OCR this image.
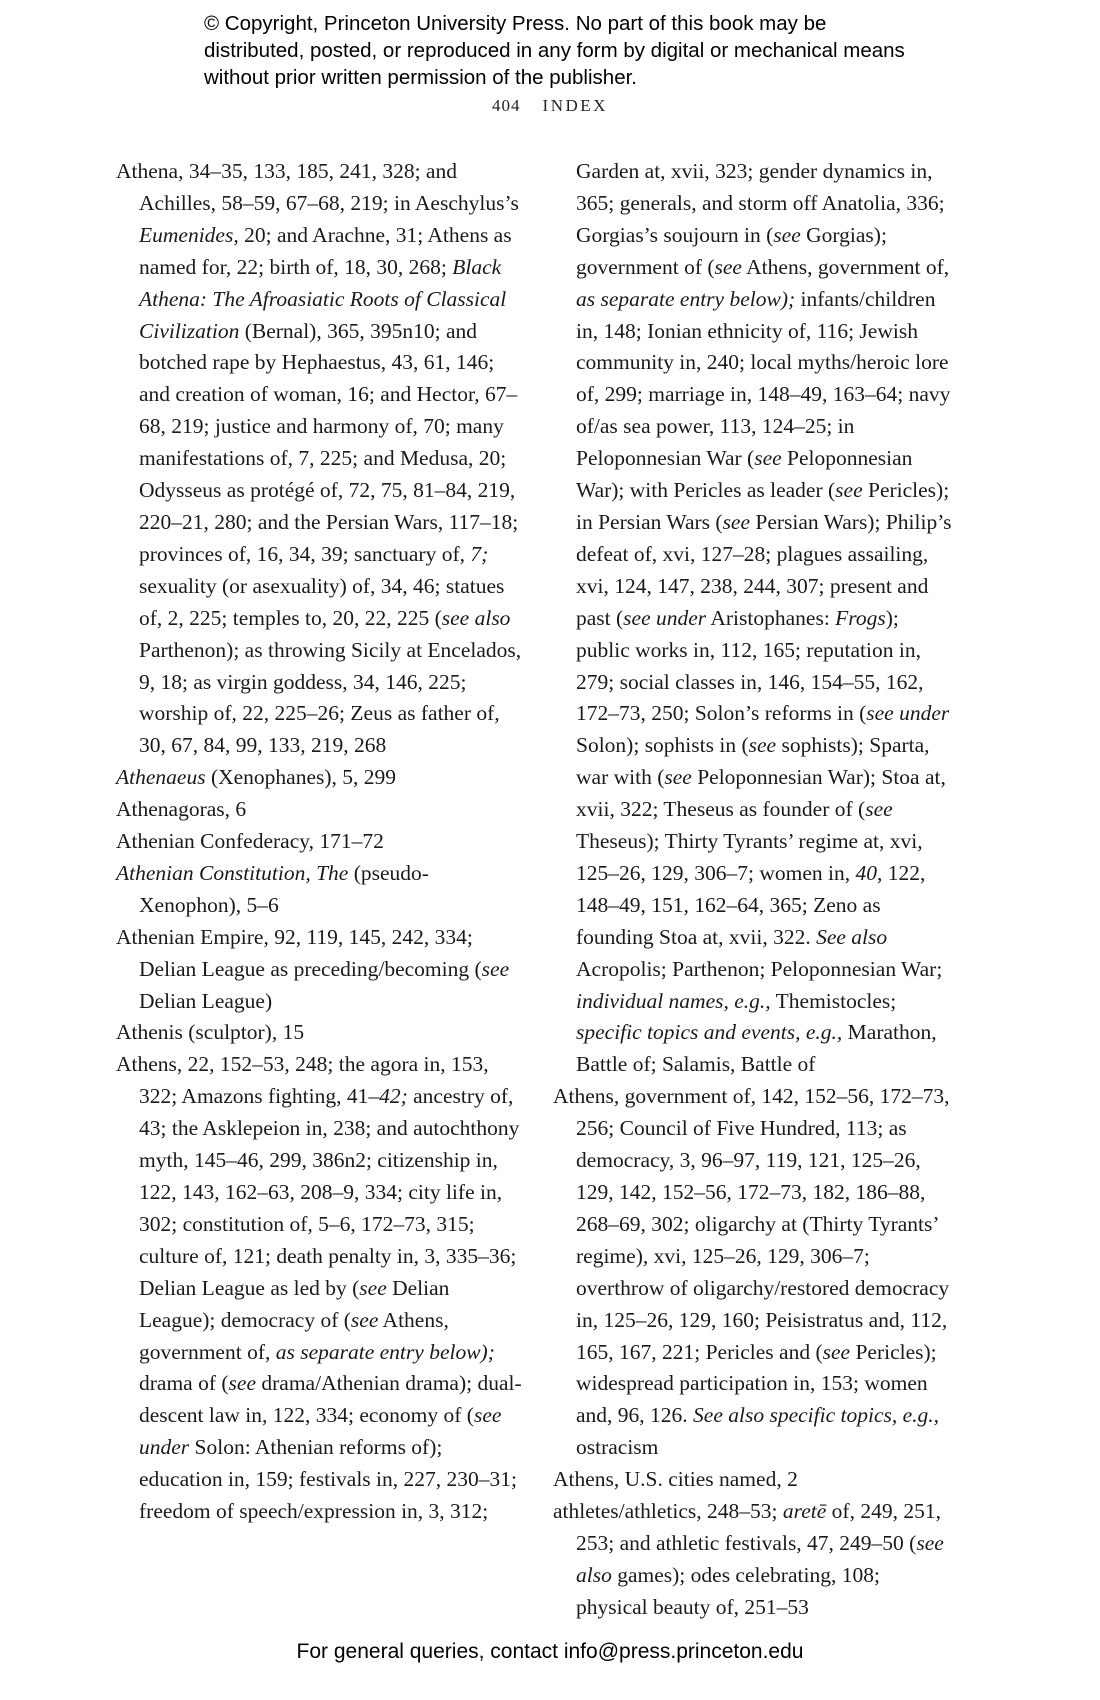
© Copyright, Princeton University Press. No part of this book may be distributed, posted, or reproduced in any form by digital or mechanical means without prior written permission of the publisher.
404 INDEX

Athena, 34–35, 133, 185, 241, 328; and Achilles, 58–59, 67–68, 219; in Aeschylus’s Eumenides, 20; and Arachne, 31; Athens as named for, 22; birth of, 18, 30, 268; Black Athena: The Afroasiatic Roots of Classical Civilization (Bernal), 365, 395n10; and botched rape by Hephaestus, 43, 61, 146; and creation of woman, 16; and Hector, 67–68, 219; justice and harmony of, 70; many manifestations of, 7, 225; and Medusa, 20; Odysseus as protégé of, 72, 75, 81–84, 219, 220–21, 280; and the Persian Wars, 117–18; provinces of, 16, 34, 39; sanctuary of, 7; sexuality (or asexuality) of, 34, 46; statues of, 2, 225; temples to, 20, 22, 225 (see also Parthenon); as throwing Sicily at Encelados, 9, 18; as virgin goddess, 34, 146, 225; worship of, 22, 225–26; Zeus as father of, 30, 67, 84, 99, 133, 219, 268

Athenaeus (Xenophanes), 5, 299

Athenagoras, 6

Athenian Confederacy, 171–72

Athenian Constitution, The (pseudo-Xenophon), 5–6

Athenian Empire, 92, 119, 145, 242, 334; Delian League as preceding/becoming (see Delian League)

Athenis (sculptor), 15

Athens, 22, 152–53, 248; the agora in, 153, 322; Amazons fighting, 41–42; ancestry of, 43; the Asklepeion in, 238; and autochthony myth, 145–46, 299, 386n2; citizenship in, 122, 143, 162–63, 208–9, 334; city life in, 302; constitution of, 5–6, 172–73, 315; culture of, 121; death penalty in, 3, 335–36; Delian League as led by (see Delian League); democracy of (see Athens, government of, as separate entry below); drama of (see drama/Athenian drama); dual-descent law in, 122, 334; economy of (see under Solon: Athenian reforms of); education in, 159; festivals in, 227, 230–31; freedom of speech/expression in, 3, 312;

Garden at, xvii, 323; gender dynamics in, 365; generals, and storm off Anatolia, 336; Gorgias’s soujourn in (see Gorgias); government of (see Athens, government of, as separate entry below); infants/children in, 148; Ionian ethnicity of, 116; Jewish community in, 240; local myths/heroic lore of, 299; marriage in, 148–49, 163–64; navy of/as sea power, 113, 124–25; in Peloponnesian War (see Peloponnesian War); with Pericles as leader (see Pericles); in Persian Wars (see Persian Wars); Philip’s defeat of, xvi, 127–28; plagues assailing, xvi, 124, 147, 238, 244, 307; present and past (see under Aristophanes: Frogs); public works in, 112, 165; reputation in, 279; social classes in, 146, 154–55, 162, 172–73, 250; Solon’s reforms in (see under Solon); sophists in (see sophists); Sparta, war with (see Peloponnesian War); Stoa at, xvii, 322; Theseus as founder of (see Theseus); Thirty Tyrants’ regime at, xvi, 125–26, 129, 306–7; women in, 40, 122, 148–49, 151, 162–64, 365; Zeno as founding Stoa at, xvii, 322. See also Acropolis; Parthenon; Peloponnesian War; individual names, e.g., Themistocles; specific topics and events, e.g., Marathon, Battle of; Salamis, Battle of

Athens, government of, 142, 152–56, 172–73, 256; Council of Five Hundred, 113; as democracy, 3, 96–97, 119, 121, 125–26, 129, 142, 152–56, 172–73, 182, 186–88, 268–69, 302; oligarchy at (Thirty Tyrants’ regime), xvi, 125–26, 129, 306–7; overthrow of oligarchy/restored democracy in, 125–26, 129, 160; Peisistratus and, 112, 165, 167, 221; Pericles and (see Pericles); widespread participation in, 153; women and, 96, 126. See also specific topics, e.g., ostracism

Athens, U.S. cities named, 2

athletes/athletics, 248–53; aretē of, 249, 251, 253; and athletic festivals, 47, 249–50 (see also games); odes celebrating, 108; physical beauty of, 251–53

For general queries, contact info@press.princeton.edu
